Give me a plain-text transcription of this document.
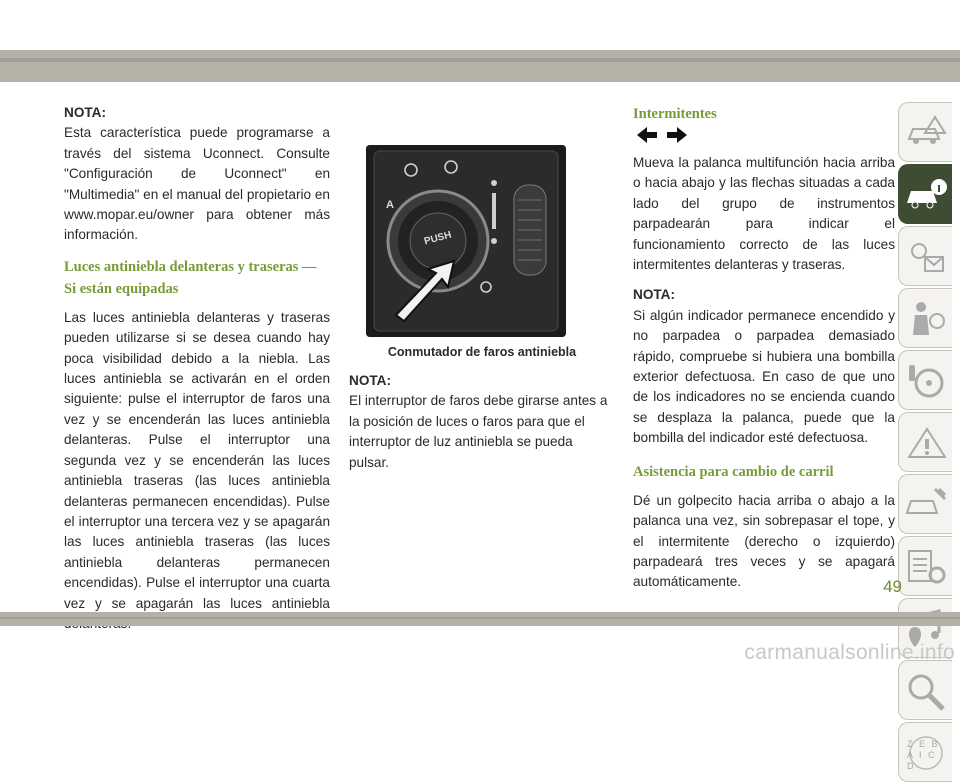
NOTA:

Esta característica puede programarse a través del sistema Uconnect. Consulte "Configuración de Uconnect" en "Multimedia" en el manual del propietario en www.mopar.eu/owner para obtener más información.

Luces antiniebla delanteras y traseras — Si están equipadas

Las luces antiniebla delanteras y traseras pueden utilizarse si se desea cuando hay poca visibilidad debido a la niebla. Las luces antiniebla se activarán en el orden siguiente: pulse el interruptor de faros una vez y se encenderán las luces antiniebla delanteras. Pulse el interruptor una segunda vez y se encenderán las luces antiniebla traseras (las luces antiniebla delanteras permanecen encendidas). Pulse el interruptor una tercera vez y se apagarán las luces antiniebla traseras (las luces antiniebla delanteras permanecen encendidas). Pulse el interruptor una cuarta vez y se apagarán las luces antiniebla

A
PUSH
Conmutador de faros antiniebla

NOTA:

El interruptor de faros debe girarse antes a la posición de luces o faros para que el interruptor de luz antiniebla se pueda pulsar.

Intermitentes

Mueva la palanca multifunción hacia arriba o hacia abajo y las flechas situadas a cada lado del grupo de instrumentos parpadearán para indicar el funcionamiento correcto de las luces intermitentes delanteras y traseras.

NOTA:

Si algún indicador permanece encendido y no parpadea o parpadea demasiado rápido, compruebe si hubiera una bombilla exterior defectuosa. En caso de que uno de los indicadores no se encienda cuando se desplaza la palanca, puede que la bombilla del indicador esté defectuosa.

Asistencia para cambio de carril

Dé un golpecito hacia arriba o abajo a la palanca una vez, sin sobrepasar el tope, y el intermitente (derecho o izquierdo) parpadeará tres veces y se apagará automáticamente.

Z E B A I C D
49
carmanualsonline.info
